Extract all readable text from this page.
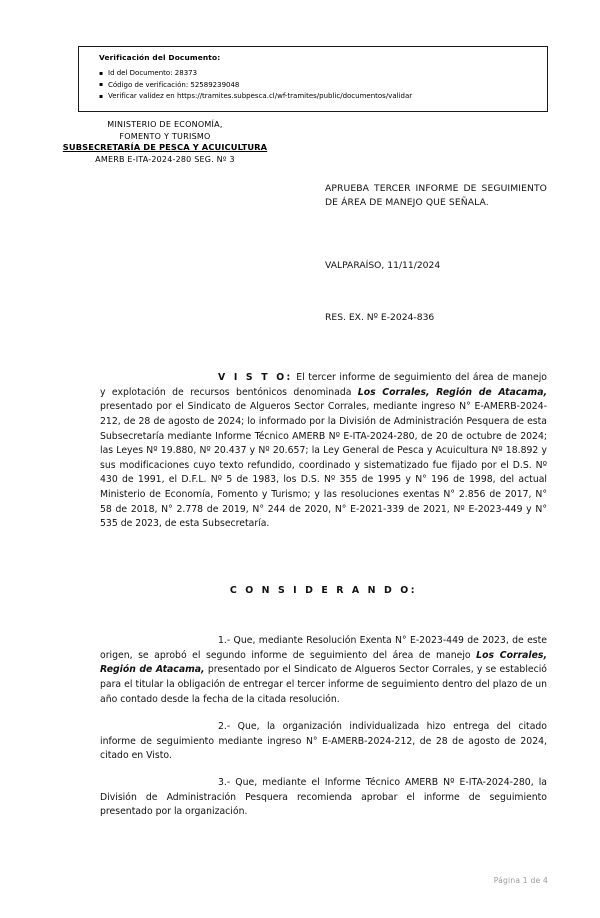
Verificación del Documento:
▪ Id del Documento: 28373
▪ Código de verificación: 52589239048
▪ Verificar validez en https://tramites.subpesca.cl/wf-tramites/public/documentos/validar
MINISTERIO DE ECONOMÍA,
FOMENTO Y TURISMO
SUBSECRETARÍA DE PESCA Y ACUICULTURA
AMERB E-ITA-2024-280 SEG. Nº 3
APRUEBA TERCER INFORME DE SEGUIMIENTO DE ÁREA DE MANEJO QUE SEÑALA.
VALPARAÍSO, 11/11/2024
RES. EX. Nº E-2024-836

V I S T O: El tercer informe de seguimiento del área de manejo y explotación de recursos bentónicos denominada Los Corrales, Región de Atacama, presentado por el Sindicato de Algueros Sector Corrales, mediante ingreso N° E-AMERB-2024-212, de 28 de agosto de 2024; lo informado por la División de Administración Pesquera de esta Subsecretaría mediante Informe Técnico AMERB Nº E-ITA-2024-280, de 20 de octubre de 2024; las Leyes Nº 19.880, Nº 20.437 y Nº 20.657; la Ley General de Pesca y Acuicultura Nº 18.892 y sus modificaciones cuyo texto refundido, coordinado y sistematizado fue fijado por el D.S. Nº 430 de 1991, el D.F.L. Nº 5 de 1983, los D.S. Nº 355 de 1995 y N° 196 de 1998, del actual Ministerio de Economía, Fomento y Turismo; y las resoluciones exentas N° 2.856 de 2017, N° 58 de 2018, N° 2.778 de 2019, N° 244 de 2020, N° E-2021-339 de 2021, Nº E-2023-449 y N° 535 de 2023, de esta Subsecretaría.

C O N S I D E R A N D O:

1.- Que, mediante Resolución Exenta N° E-2023-449 de 2023, de este origen, se aprobó el segundo informe de seguimiento del área de manejo Los Corrales, Región de Atacama, presentado por el Sindicato de Algueros Sector Corrales, y se estableció para el titular la obligación de entregar el tercer informe de seguimiento dentro del plazo de un año contado desde la fecha de la citada resolución.

2.- Que, la organización individualizada hizo entrega del citado informe de seguimiento mediante ingreso N° E-AMERB-2024-212, de 28 de agosto de 2024, citado en Visto.

3.- Que, mediante el Informe Técnico AMERB Nº E-ITA-2024-280, la División de Administración Pesquera recomienda aprobar el informe de seguimiento presentado por la organización.

Página 1 de 4
